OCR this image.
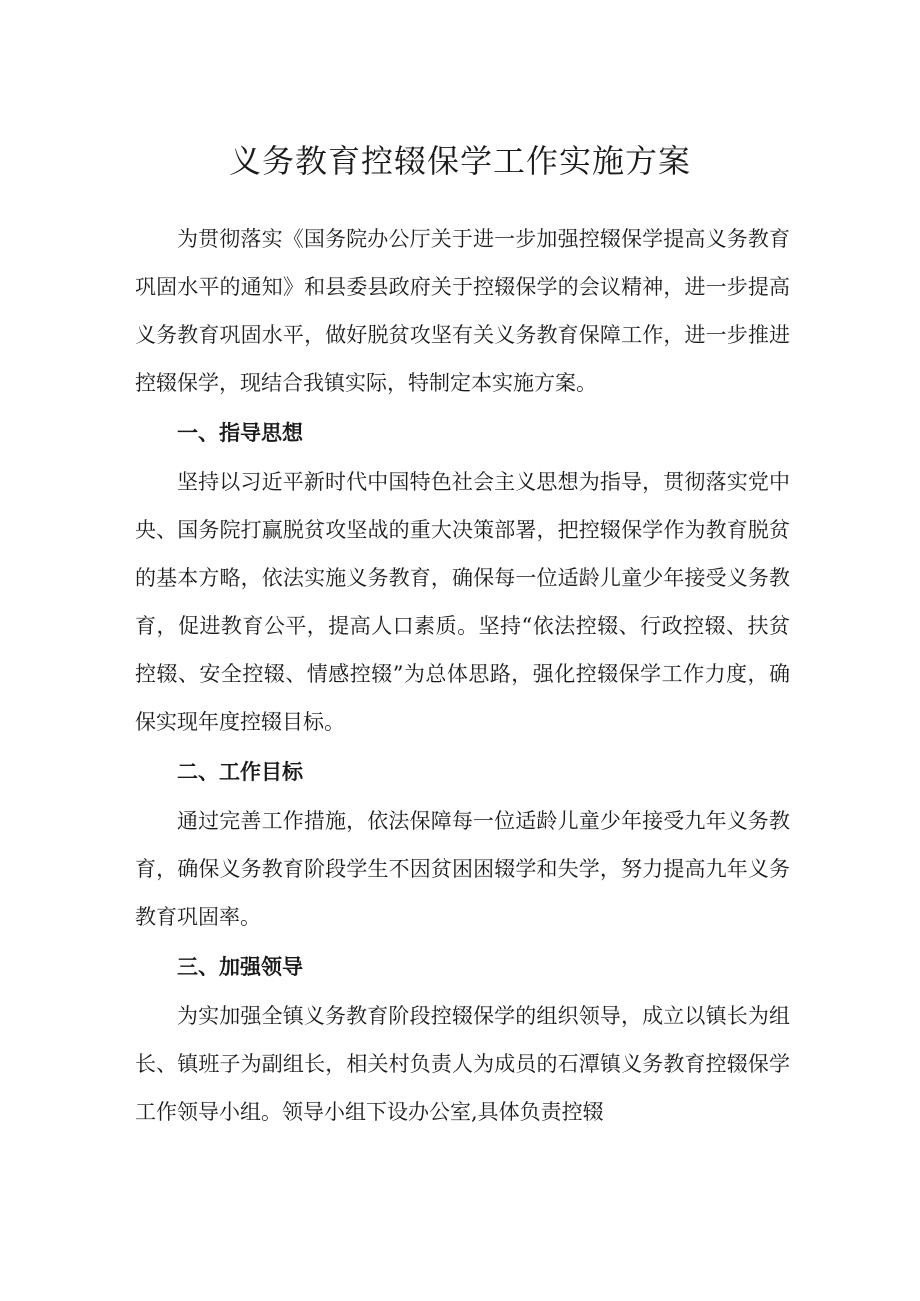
义务教育控辍保学工作实施方案

为贯彻落实《国务院办公厅关于进一步加强控辍保学提高义务教育巩固水平的通知》和县委县政府关于控辍保学的会议精神，进一步提高义务教育巩固水平，做好脱贫攻坚有关义务教育保障工作，进一步推进控辍保学，现结合我镇实际，特制定本实施方案。

一、指导思想

坚持以习近平新时代中国特色社会主义思想为指导，贯彻落实党中央、国务院打赢脱贫攻坚战的重大决策部署，把控辍保学作为教育脱贫的基本方略，依法实施义务教育，确保每一位适龄儿童少年接受义务教育，促进教育公平，提高人口素质。坚持“依法控辍、行政控辍、扶贫控辍、安全控辍、情感控辍”为总体思路，强化控辍保学工作力度，确保实现年度控辍目标。

二、工作目标

通过完善工作措施，依法保障每一位适龄儿童少年接受九年义务教育，确保义务教育阶段学生不因贫困困辍学和失学，努力提高九年义务教育巩固率。

三、加强领导

为实加强全镇义务教育阶段控辍保学的组织领导，成立以镇长为组长、镇班子为副组长，相关村负责人为成员的石潭镇义务教育控辍保学工作领导小组。领导小组下设办公室,具体负责控辍
